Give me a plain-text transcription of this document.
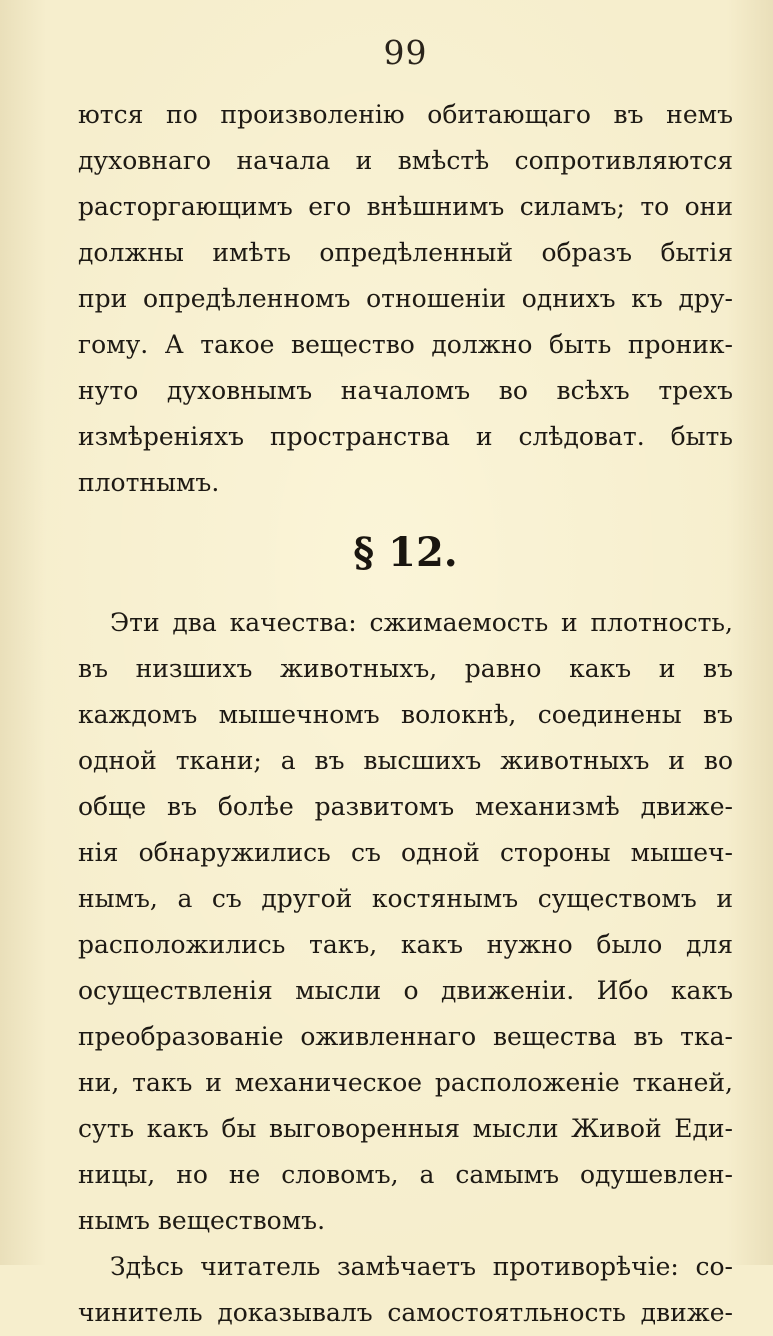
99
ются по произволенію обитающаго въ немъ
духовнаго начала и вмѣстѣ сопротивляются
расторгающимъ его внѣшнимъ силамъ; то они
должны имѣть опредѣленный образъ бытія
при опредѣленномъ отношеніи однихъ къ дру-
гому. А такое вещество должно быть проник-
нуто духовнымъ началомъ во всѣхъ трехъ
измѣреніяхъ пространства и слѣдоват. быть
плотнымъ.
§ 12.
Эти два качества: сжимаемость и плотность,
въ низшихъ животныхъ, равно какъ и въ
каждомъ мышечномъ волокнѣ, соединены въ
одной ткани; а въ высшихъ животныхъ и во
обще въ болѣе развитомъ механизмѣ движе-
нія обнаружились съ одной стороны мышеч-
нымъ, а съ другой костянымъ существомъ и
расположились такъ, какъ нужно было для
осуществленія мысли о движеніи. Ибо какъ
преобразованіе оживленнаго вещества въ тка-
ни, такъ и механическое расположеніе тканей,
суть какъ бы выговоренныя мысли Живой Еди-
ницы, но не словомъ, а самымъ одушевлен-
нымъ веществомъ.
Здѣсь читатель замѣчаетъ противорѣчіе: со-
чинитель доказывалъ самостоятльность движе-
